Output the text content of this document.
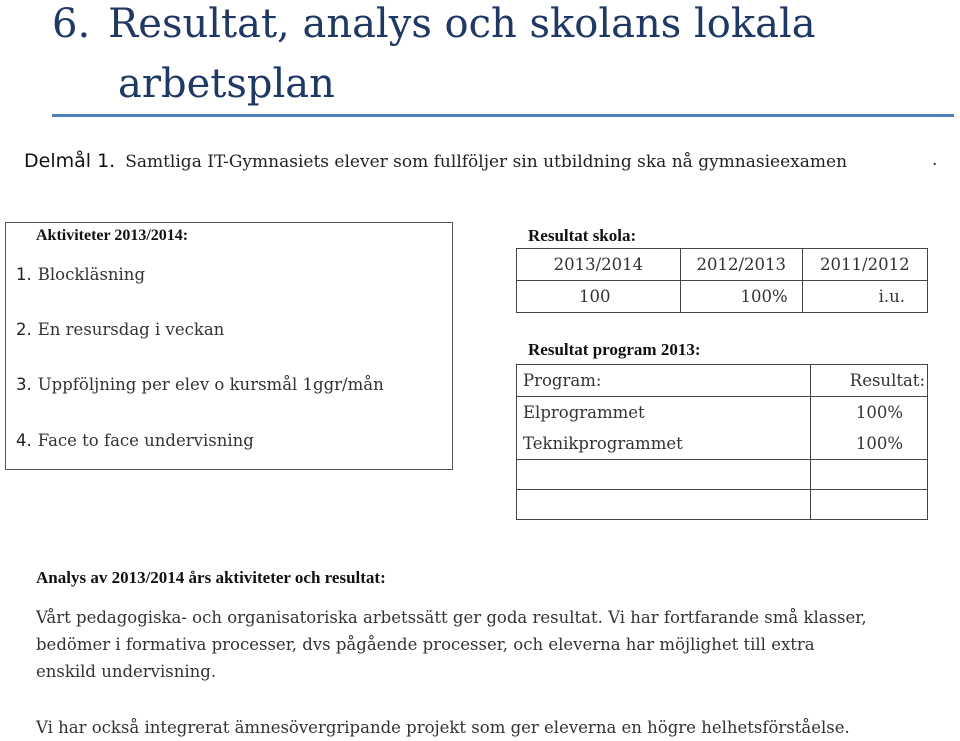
6. Resultat, analys och skolans lokala
arbetsplan
Delmål 1. Samtliga IT-Gymnasiets elever som fullföljer sin utbildning ska nå gymnasieexamen	.
Aktiviteter 2013/2014:
1. Blockläsning
2. En resursdag i veckan
3. Uppföljning per elev o kursmål 1ggr/mån
4. Face to face undervisning
Resultat skola:
2013/2014	2012/2013	2011/2012
100	100%	i.u.
Resultat program 2013:
Program:	Resultat:
Elprogrammet	100%
Teknikprogrammet	100%

Analys av 2013/2014 års aktiviteter och resultat:

Vårt pedagogiska- och organisatoriska arbetssätt ger goda resultat. Vi har fortfarande små klasser,
bedömer i formativa processer, dvs pågående processer, och eleverna har möjlighet till extra
enskild undervisning.

Vi har också integrerat ämnesövergripande projekt som ger eleverna en högre helhetsförståelse.
